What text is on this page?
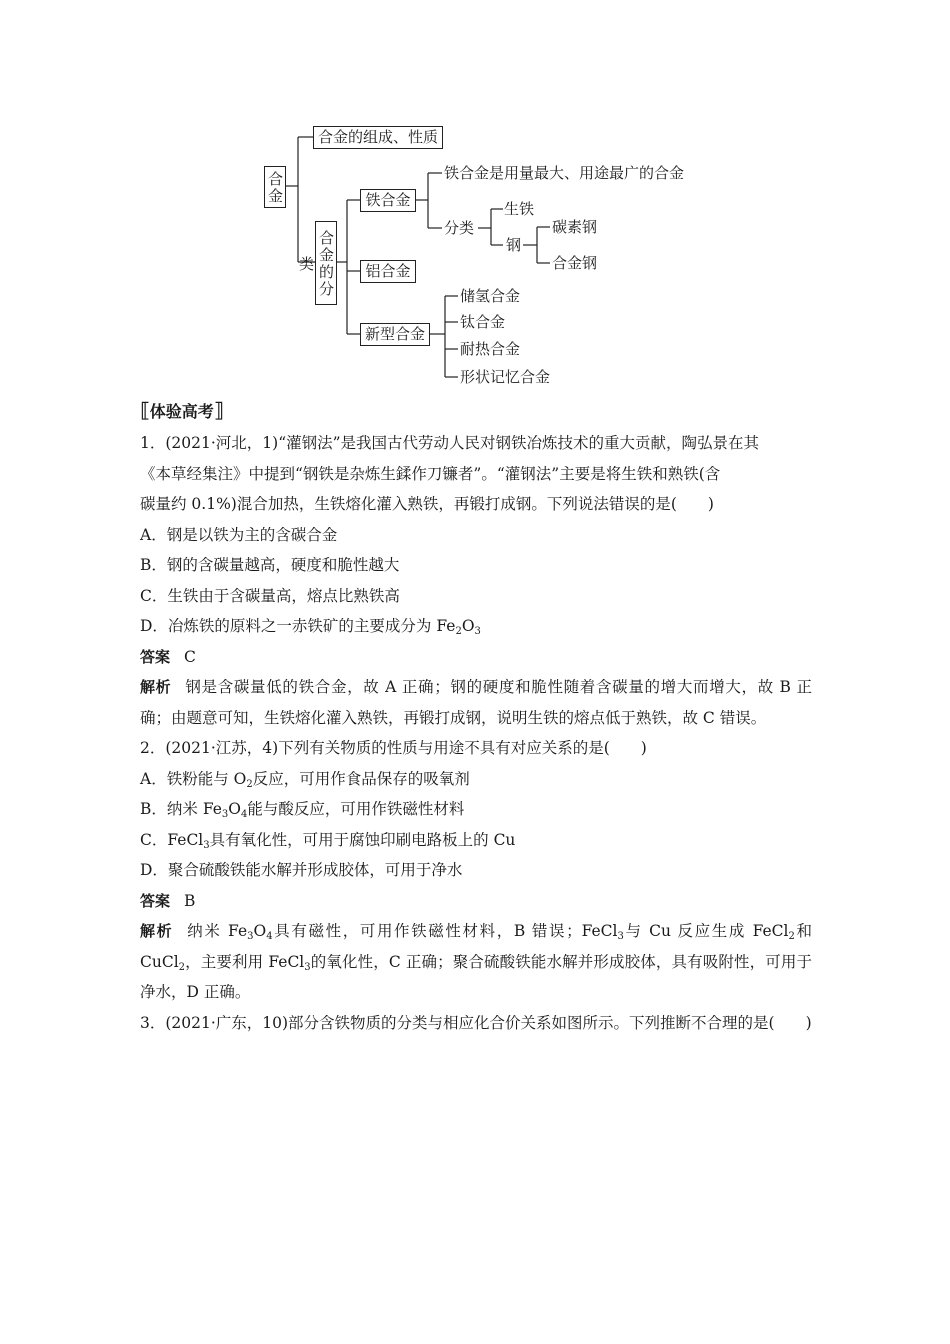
合金
合金的组成、性质
合金的分类
铁合金
铝合金
新型合金
铁合金是用量最大、用途最广的合金
分类
生铁
钢
碳素钢
合金钢
储氢合金
钛合金
耐热合金
形状记忆合金
⟦体验高考⟧
1．(2021·河北，1)“灌钢法”是我国古代劳动人民对钢铁冶炼技术的重大贡献，陶弘景在其
《本草经集注》中提到“钢铁是杂炼生鍒作刀镰者”。“灌钢法”主要是将生铁和熟铁(含
碳量约 0.1%)混合加热，生铁熔化灌入熟铁，再锻打成钢。下列说法错误的是(　　)
A．钢是以铁为主的含碳合金
B．钢的含碳量越高，硬度和脆性越大
C．生铁由于含碳量高，熔点比熟铁高
D．冶炼铁的原料之一赤铁矿的主要成分为 $Fe_2O_3$
答案 C
解析 钢是含碳量低的铁合金，故 A 正确；钢的硬度和脆性随着含碳量的增大而增大，故 B 正确；由题意可知，生铁熔化灌入熟铁，再锻打成钢，说明生铁的熔点低于熟铁，故 C 错误。
2．(2021·江苏，4)下列有关物质的性质与用途不具有对应关系的是(　　)
A．铁粉能与 $O_2$反应，可用作食品保存的吸氧剂
B．纳米 $Fe_3O_4$能与酸反应，可用作铁磁性材料
C．FeCl$_3$具有氧化性，可用于腐蚀印刷电路板上的 Cu
D．聚合硫酸铁能水解并形成胶体，可用于净水
答案 B
解析 纳米 $Fe_3O_4$具有磁性，可用作铁磁性材料，B 错误；FeCl$_3$与 Cu 反应生成 FeCl$_2$和 CuCl$_2$，主要利用 FeCl$_3$的氧化性，C 正确；聚合硫酸铁能水解并形成胶体，具有吸附性，可用于净水，D 正确。
3．(2021·广东，10)部分含铁物质的分类与相应化合价关系如图所示。下列推断不合理的是(　　)
